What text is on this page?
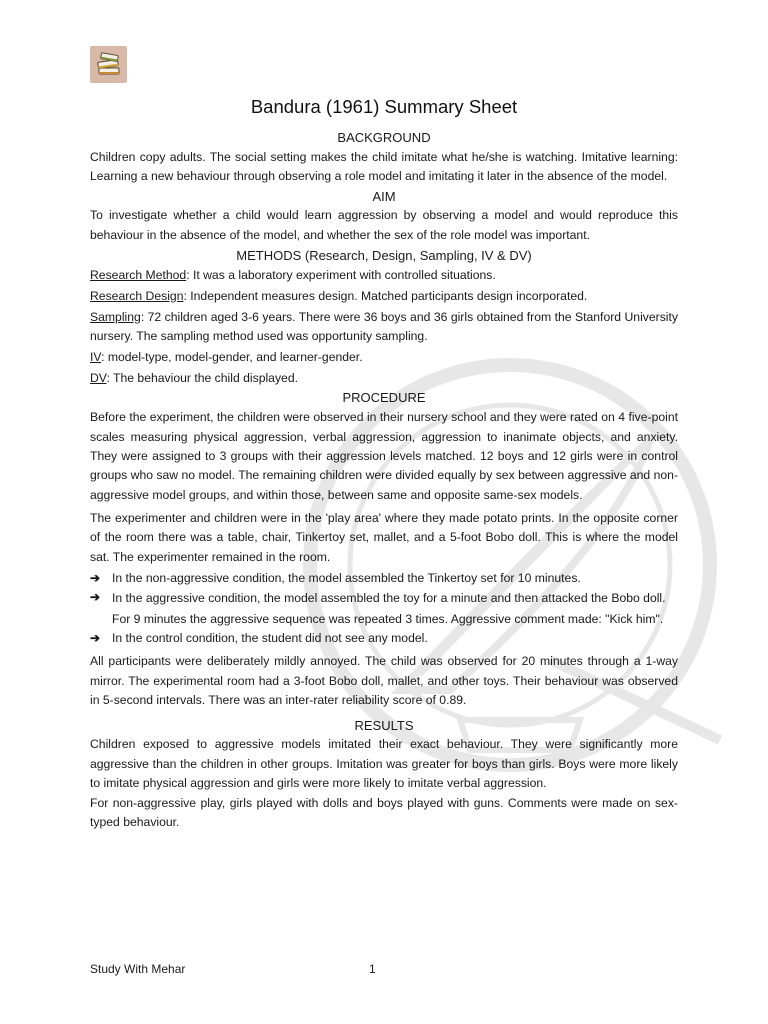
Bandura (1961) Summary Sheet
BACKGROUND
Children copy adults. The social setting makes the child imitate what he/she is watching. Imitative learning: Learning a new behaviour through observing a role model and imitating it later in the absence of the model.
AIM
To investigate whether a child would learn aggression by observing a model and would reproduce this behaviour in the absence of the model, and whether the sex of the role model was important.
METHODS (Research, Design, Sampling, IV & DV)
Research Method: It was a laboratory experiment with controlled situations.
Research Design: Independent measures design. Matched participants design incorporated.
Sampling: 72 children aged 3-6 years. There were 36 boys and 36 girls obtained from the Stanford University nursery. The sampling method used was opportunity sampling.
IV: model-type, model-gender, and learner-gender.
DV: The behaviour the child displayed.
PROCEDURE
Before the experiment, the children were observed in their nursery school and they were rated on 4 five-point scales measuring physical aggression, verbal aggression, aggression to inanimate objects, and anxiety. They were assigned to 3 groups with their aggression levels matched. 12 boys and 12 girls were in control groups who saw no model. The remaining children were divided equally by sex between aggressive and non-aggressive model groups, and within those, between same and opposite same-sex models.
The experimenter and children were in the 'play area' where they made potato prints. In the opposite corner of the room there was a table, chair, Tinkertoy set, mallet, and a 5-foot Bobo doll. This is where the model sat. The experimenter remained in the room.
➔ In the non-aggressive condition, the model assembled the Tinkertoy set for 10 minutes.
➔ In the aggressive condition, the model assembled the toy for a minute and then attacked the Bobo doll. For 9 minutes the aggressive sequence was repeated 3 times. Aggressive comment made: "Kick him".
➔ In the control condition, the student did not see any model.
All participants were deliberately mildly annoyed. The child was observed for 20 minutes through a 1-way mirror. The experimental room had a 3-foot Bobo doll, mallet, and other toys. Their behaviour was observed in 5-second intervals. There was an inter-rater reliability score of 0.89.
RESULTS
Children exposed to aggressive models imitated their exact behaviour. They were significantly more aggressive than the children in other groups. Imitation was greater for boys than girls. Boys were more likely to imitate physical aggression and girls were more likely to imitate verbal aggression.
For non-aggressive play, girls played with dolls and boys played with guns. Comments were made on sex-typed behaviour.
Study With Mehar	1
